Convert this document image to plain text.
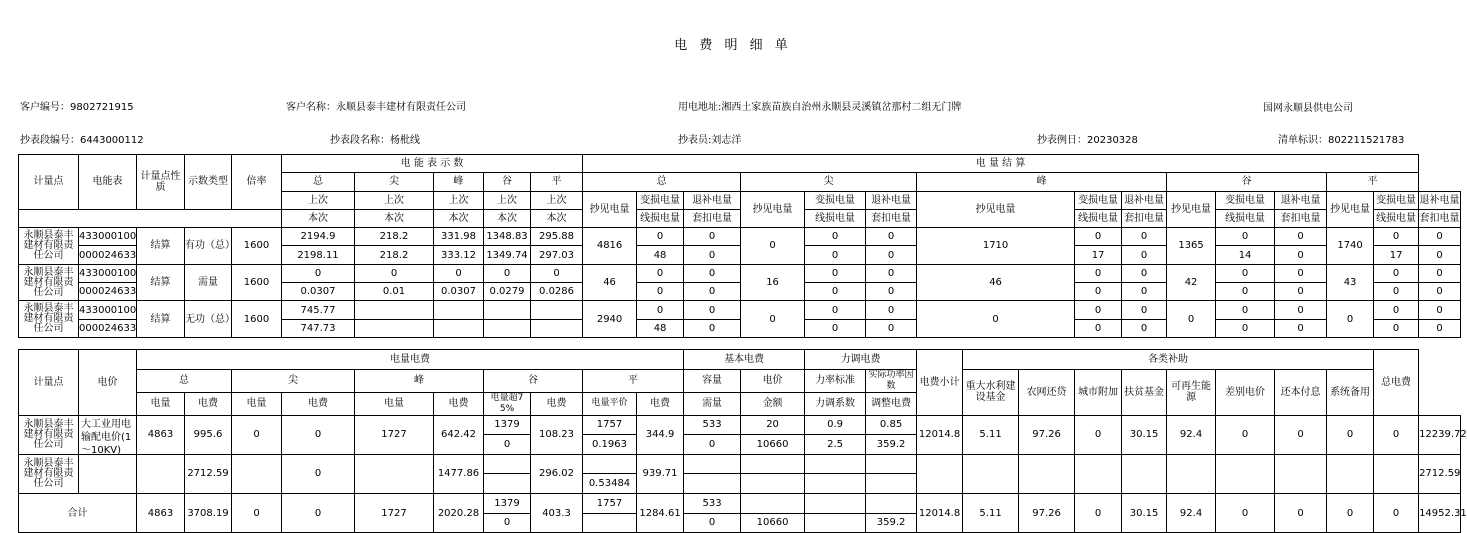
电 费 明 细 单
客户编号：9802721915	客户名称：永顺县泰丰建材有限责任公司	用电地址:湘西土家族苗族自治州永顺县灵溪镇岔那村二组无门牌	国网永顺县供电公司
抄表段编号：6443000112	抄表段名称：杨枇线	抄表员:刘志洋	抄表例日：20230328	清单标识：802211521783
计量点	电能表	计量点性质	示数类型	倍率	电 能 表 示 数					电 量 结 算														
					总	尖	峰	谷	平	总			尖			峰			谷			平		
					上次	上次	上次	上次	上次	抄见电量	变损电量	退补电量	抄见电量	变损电量	退补电量	抄见电量	变损电量	退补电量	抄见电量	变损电量	退补电量	抄见电量	变损电量	退补电量
					本次	本次	本次	本次	本次		线损电量	套扣电量		线损电量	套扣电量		线损电量	套扣电量		线损电量	套扣电量		线损电量	套扣电量
永顺县泰丰建材有限责任公司	433000100	结算	有功（总）	1600	2194.9	218.2	331.98	1348.83	295.88	4816	0	0	0	0	0	1710	0	0	1365	0	0	1740	0	0
	000024633				2198.11	218.2	333.12	1349.74	297.03		48	0		0	0		17	0		14	0		17	0
永顺县泰丰建材有限责任公司	433000100	结算	需量	1600	0	0	0	0	0	46	0	0	16	0	0	46	0	0	42	0	0	43	0	0
	000024633				0.0307	0.01	0.0307	0.0279	0.0286		0	0		0	0		0	0		0	0		0	0
永顺县泰丰建材有限责任公司	433000100	结算	无功（总）	1600	745.77					2940	0	0	0	0	0	0	0	0	0	0	0	0	0	0
	000024633				747.73						48	0		0	0		0	0		0	0		0	0
计量点	电价	电量电费										基本电费		力调电费		电费小计	各类补助								总电费	
		总		尖		峰		谷		平		容量	电价	力率标准	实际功率因数		重大水利建设基金	农网还贷	城市附加	扶贫基金	可再生能源	差别电价	还本付息	系统备用		
		电量	电费	电量	电费	电量	电费	电量超75%	电费	电量平价	电费	需量	金额	力调系数	调整电费											
永顺县泰丰建材有限责任公司	大工业用电输配电价(1～10KV)	4863	995.6	0	0	1727	642.42	1379	108.23	1757	344.9	533	20	0.9	0.85	12014.8	5.11	97.26	0	30.15	92.4	0	0	0	0	12239.72
								0		0.1963		0	10660	2.5	359.2											
永顺县泰丰建材有限责任公司			2712.59		0		1477.86		296.02		939.71															2712.59
										0.53484																
合计		4863	3708.19	0	0	1727	2020.28	1379	403.3	1757	1284.61	533				12014.8	5.11	97.26	0	30.15	92.4	0	0	0	0	14952.31
								0				0	10660		359.2											
